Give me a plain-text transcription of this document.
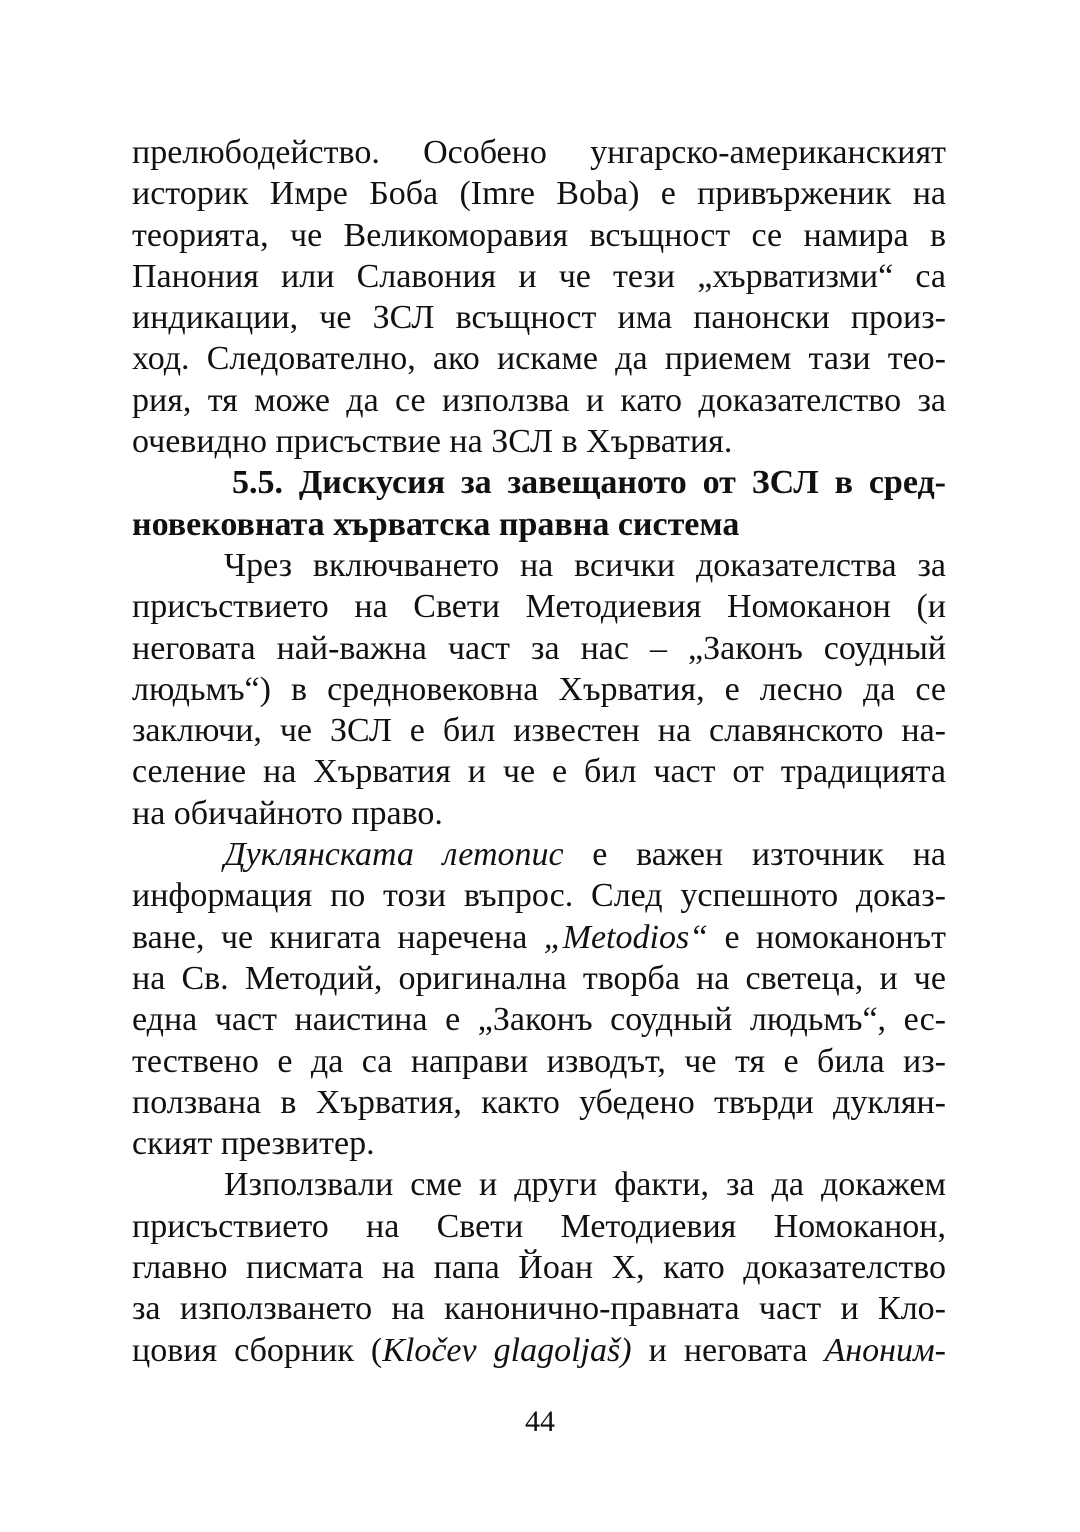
прелюбодейство. Особено унгарско-американският
историк Имре Боба (Imre Boba) е привърженик на
теорията, че Великоморавия всъщност се намира в
Панония или Славония и че тези „хърватизми“ са
индикации, че ЗСЛ всъщност има панонски произ-
ход. Следователно, ако искаме да приемем тази тео-
рия, тя може да се използва и като доказателство за
очевидно присъствие на ЗСЛ в Хърватия.
5.5. Дискусия за завещаното от ЗСЛ в сред-
новековната хърватска правна система
Чрез включването на всички доказателства за
присъствието на Свети Методиевия Номоканон (и
неговата най-важна част за нас – „Законъ соудный
людьмъ“) в средновековна Хърватия, е лесно да се
заключи, че ЗСЛ е бил известен на славянското на-
селение на Хърватия и че е бил част от традицията
на обичайното право.
Дуклянската летопис е важен източник на
информация по този въпрос. След успешното доказ-
ване, че книгата наречена „Metodios“ е номоканонът
на Св. Методий, оригинална творба на светеца, и че
една част наистина е „Законъ соудный людьмъ“, ес-
тествено е да са направи изводът, че тя е била из-
ползвана в Хърватия, както убедено твърди дуклян-
ският презвитер.
Използвали сме и други факти, за да докажем
присъствието на Свети Методиевия Номоканон,
главно писмата на папа Йоан X, като доказателство
за използването на канонично-правната част и Кло-
цовия сборник (Kločev glagoljaš) и неговата Аноним-
44
